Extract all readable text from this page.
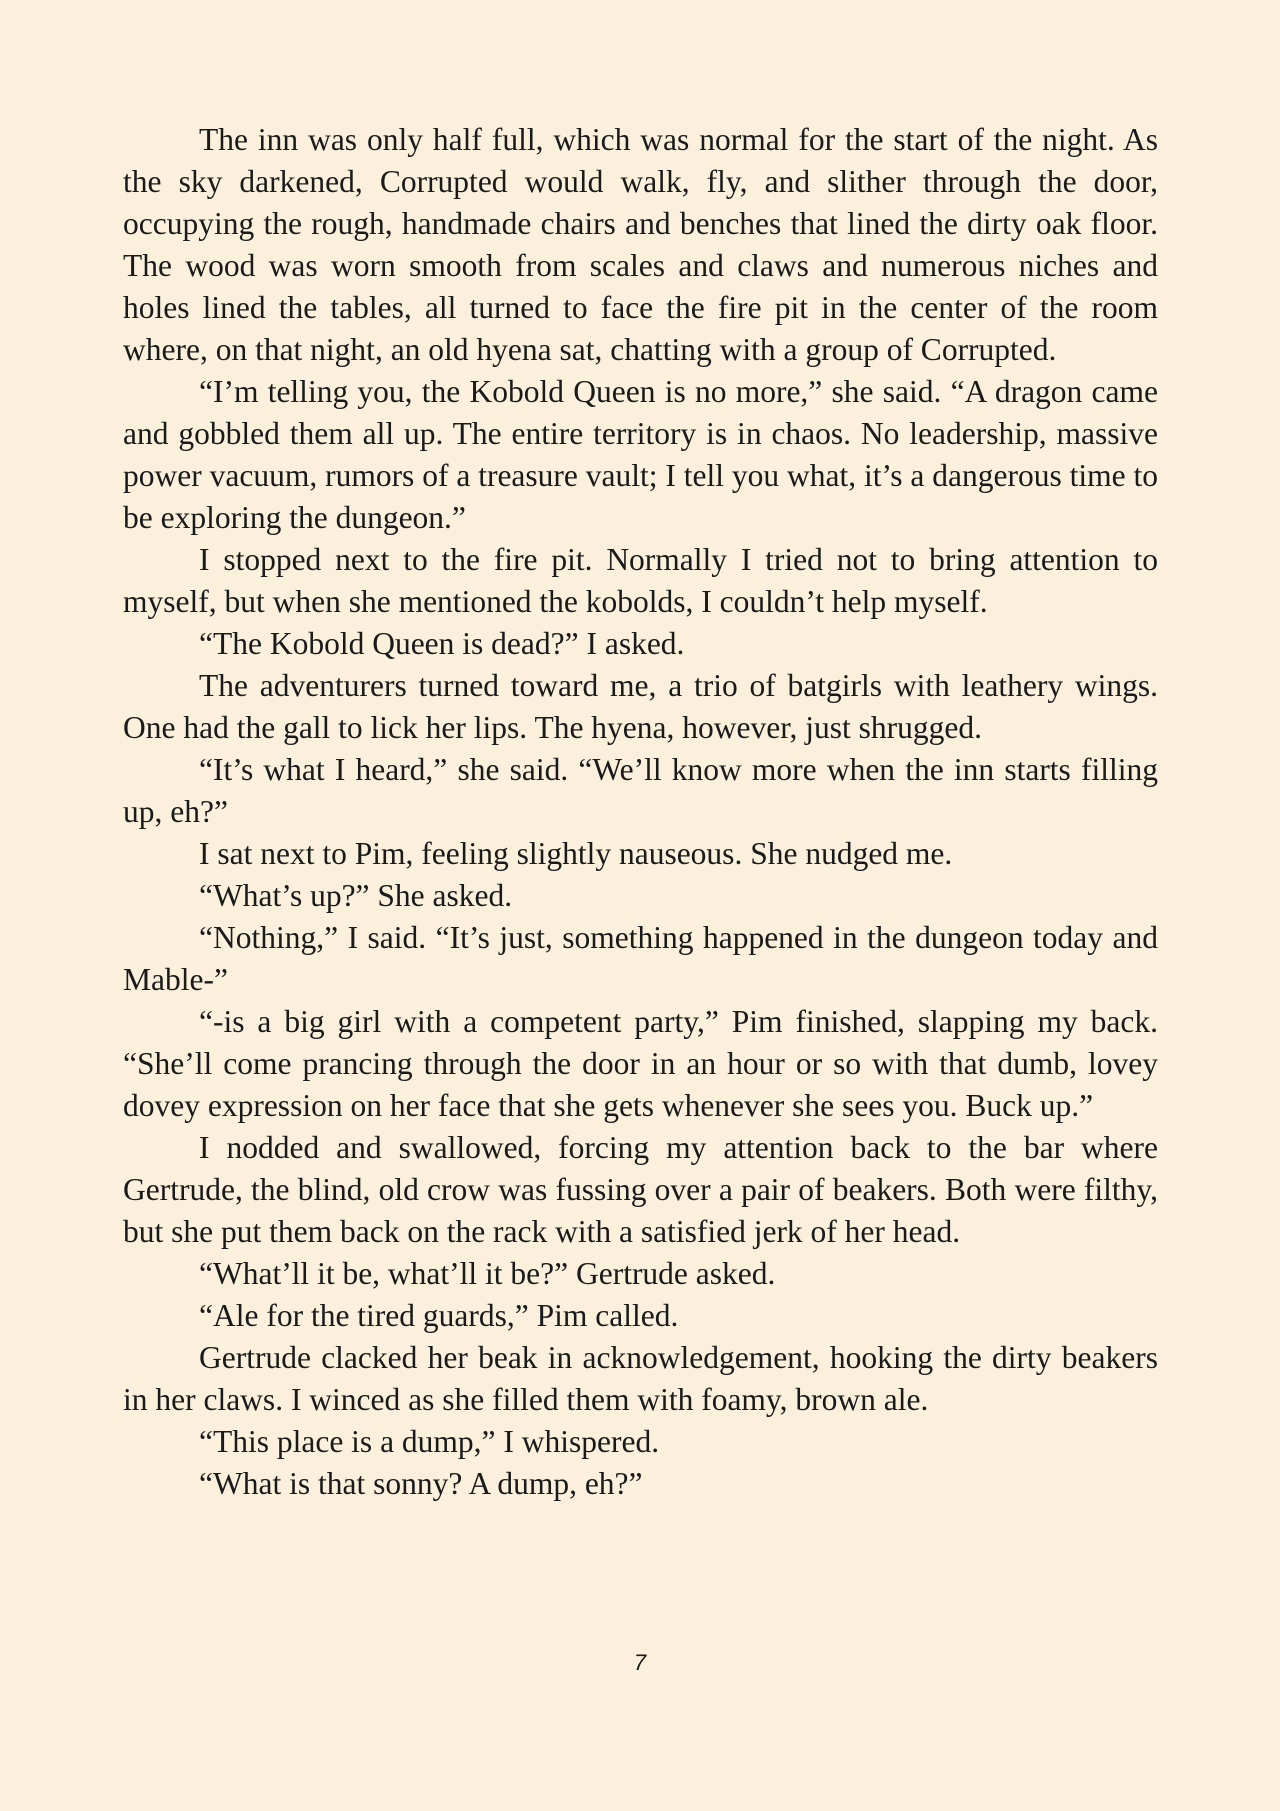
The inn was only half full, which was normal for the start of the night. As the sky darkened, Corrupted would walk, fly, and slither through the door, occupying the rough, handmade chairs and benches that lined the dirty oak floor. The wood was worn smooth from scales and claws and numerous niches and holes lined the tables, all turned to face the fire pit in the center of the room where, on that night, an old hyena sat, chatting with a group of Corrupted.

“I’m telling you, the Kobold Queen is no more,” she said. “A dragon came and gobbled them all up. The entire territory is in chaos. No leadership, massive power vacuum, rumors of a treasure vault; I tell you what, it’s a dangerous time to be exploring the dungeon.”

I stopped next to the fire pit. Normally I tried not to bring attention to myself, but when she mentioned the kobolds, I couldn’t help myself.

“The Kobold Queen is dead?” I asked.

The adventurers turned toward me, a trio of batgirls with leathery wings. One had the gall to lick her lips. The hyena, however, just shrugged.

“It’s what I heard,” she said. “We’ll know more when the inn starts filling up, eh?”

I sat next to Pim, feeling slightly nauseous. She nudged me.

“What’s up?” She asked.

“Nothing,” I said. “It’s just, something happened in the dungeon today and Mable-”

“-is a big girl with a competent party,” Pim finished, slapping my back. “She’ll come prancing through the door in an hour or so with that dumb, lovey dovey expression on her face that she gets whenever she sees you. Buck up.”

I nodded and swallowed, forcing my attention back to the bar where Gertrude, the blind, old crow was fussing over a pair of beakers. Both were filthy, but she put them back on the rack with a satisfied jerk of her head.

“What’ll it be, what’ll it be?” Gertrude asked.

“Ale for the tired guards,” Pim called.

Gertrude clacked her beak in acknowledgement, hooking the dirty beakers in her claws. I winced as she filled them with foamy, brown ale.

“This place is a dump,” I whispered.

“What is that sonny? A dump, eh?”

7
